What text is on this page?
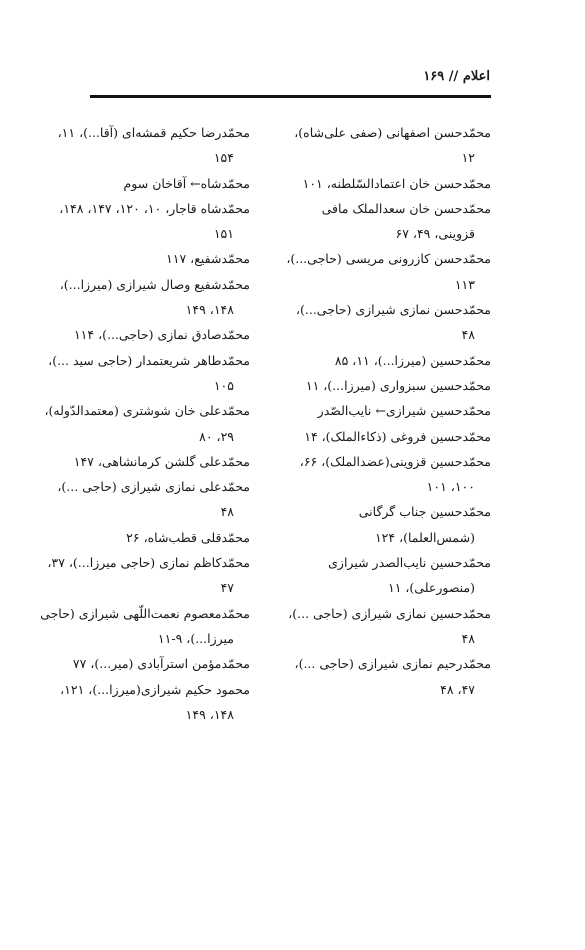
اعلام // ۱۶۹

محمّدحسن اصفهانی (صفی‌ علی‌شاه)، ۱۲

محمّدحسن خان اعتمادالسّلطنه، ۱۰۱

محمّدحسن خان سعدالملک مافی قزوینی، ۴۹، ۶۷

محمّدحسن کازرونی مریسی (حاجی...)، ۱۱۳

محمّدحسن نمازی شیرازی (حاجی...)، ۴۸

محمّدحسین (میرزا...)، ۱۱، ۸۵

محمّدحسین سبزواری (میرزا...)، ۱۱

محمّدحسین شیرازی← نایب‌الصّدر

محمّدحسین فروغی (ذکاءالملک)، ۱۴

محمّدحسین قزوینی(عضدالملک)، ۶۶، ۱۰۰، ۱۰۱

محمّدحسین جناب گرگانی (شمس‌العلما)، ۱۲۴

محمّدحسین نایب‌الصدر شیرازی (منصورعلی)، ۱۱

محمّدحسین نمازی شیرازی (حاجی ...)، ۴۸

محمّدرحیم نمازی شیرازی (حاجی ...)، ۴۷، ۴۸

محمّدرضا حکیم قمشه‌ای (آقا...)، ۱۱، ۱۵۴

محمّدشاه← آقاخان سوم

محمّدشاه قاجار، ۱۰، ۱۲۰، ۱۴۷، ۱۴۸، ۱۵۱

محمّدشفیع، ۱۱۷

محمّدشفیع وصال شیرازی (میرزا...)، ۱۴۸، ۱۴۹

محمّدصادق نمازی (حاجی...)، ۱۱۴

محمّدطاهر شریعتمدار (حاجی سید ...)، ۱۰۵

محمّدعلی خان شوشتری (معتمدالدّوله)، ۲۹، ۸۰

محمّدعلی گلشن کرمانشاهی، ۱۴۷

محمّدعلی نمازی شیرازی (حاجی ...)، ۴۸

محمّدقلی قطب‌شاه، ۲۶

محمّدکاظم نمازی (حاجی میرزا...)، ۳۷، ۴۷

محمّدمعصوم نعمت‌اللّهی شیرازی (حاجی میرزا...)، ۹-۱۱

محمّدمؤمن استرآبادی (میر...)، ۷۷

محمود حکیم شیرازی(میرزا...)، ۱۲۱، ۱۴۸، ۱۴۹
